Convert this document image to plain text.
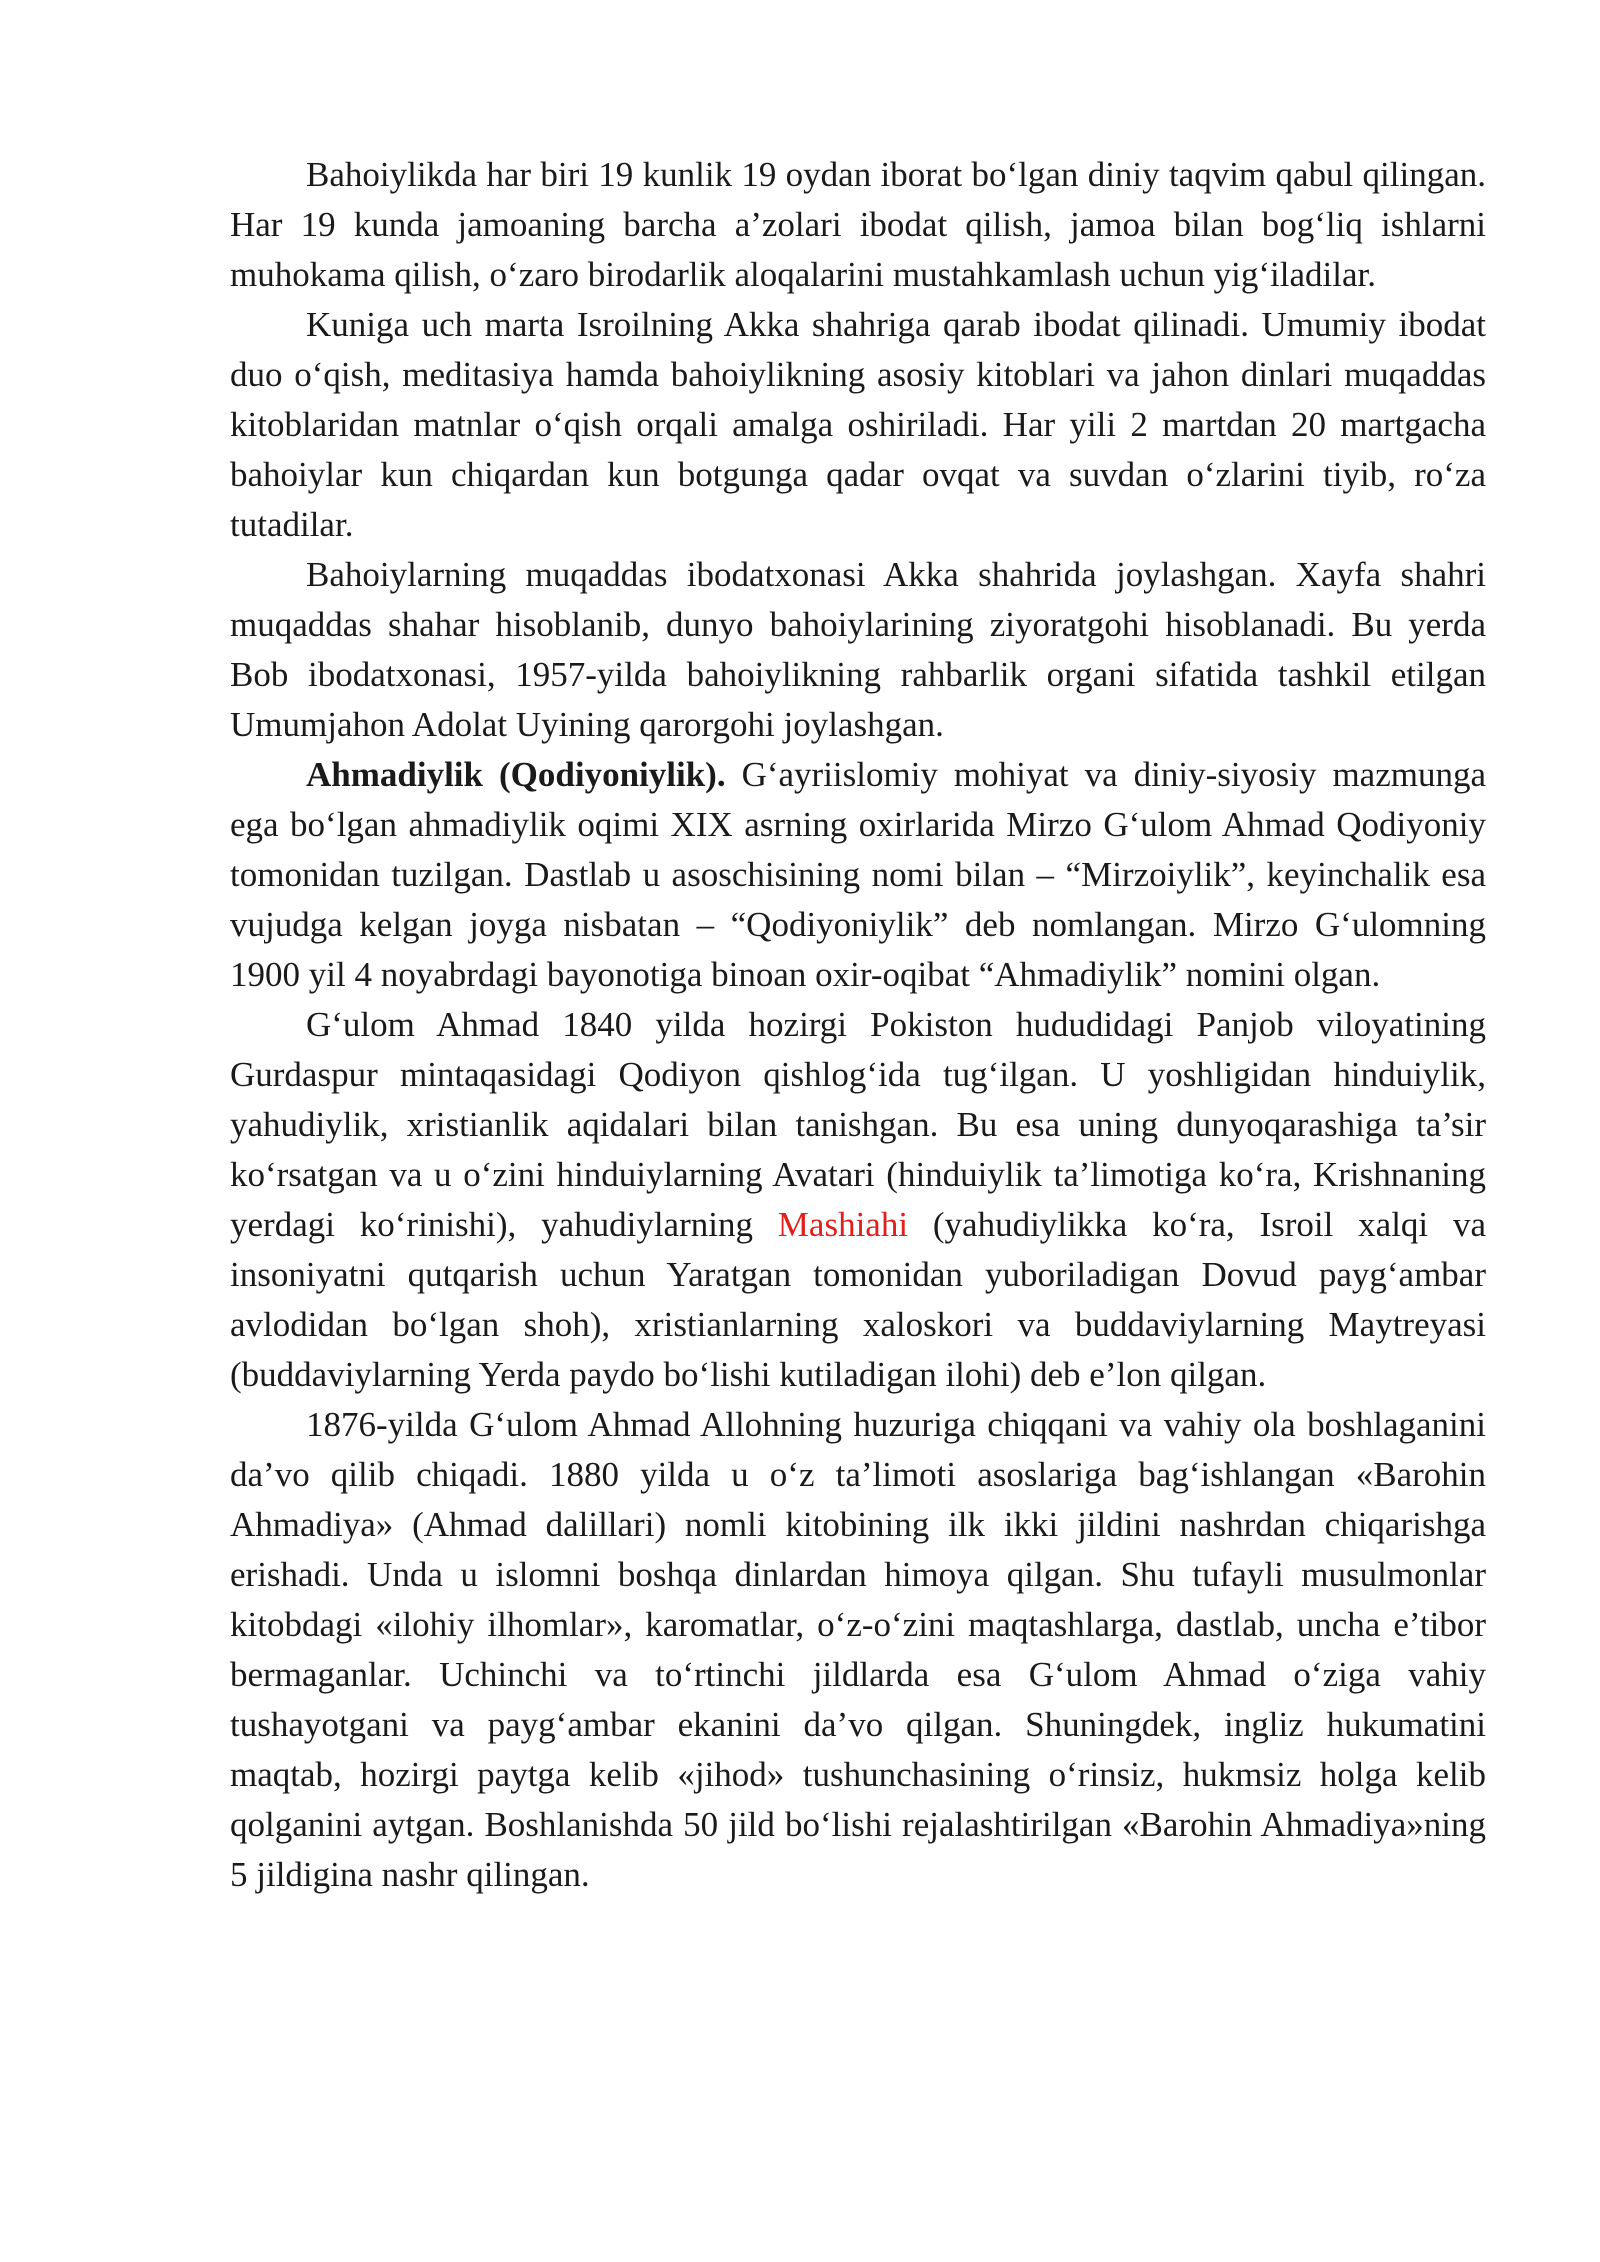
Bahoiylikda har biri 19 kunlik 19 oydan iborat bo‘lgan diniy taqvim qabul qilingan. Har 19 kunda jamoaning barcha a’zolari ibodat qilish, jamoa bilan bog‘liq ishlarni muhokama qilish, o‘zaro birodarlik aloqalarini mustahkamlash uchun yig‘iladilar.

Kuniga uch marta Isroilning Akka shahriga qarab ibodat qilinadi. Umumiy ibodat duo o‘qish, meditasiya hamda bahoiylikning asosiy kitoblari va jahon dinlari muqaddas kitoblaridan matnlar o‘qish orqali amalga oshiriladi. Har yili 2 martdan 20 martgacha bahoiylar kun chiqardan kun botgunga qadar ovqat va suvdan o‘zlarini tiyib, ro‘za tutadilar.

Bahoiylarning muqaddas ibodatxonasi Akka shahrida joylashgan. Xayfa shahri muqaddas shahar hisoblanib, dunyo bahoiylarining ziyoratgohi hisoblanadi. Bu yerda Bob ibodatxonasi, 1957-yilda bahoiylikning rahbarlik organi sifatida tashkil etilgan Umumjahon Adolat Uyining qarorgohi joylashgan.

Ahmadiylik (Qodiyoniylik). G‘ayriislomiy mohiyat va diniy-siyosiy mazmunga ega bo‘lgan ahmadiylik oqimi XIX asrning oxirlarida Mirzo G‘ulom Ahmad Qodiyoniy tomonidan tuzilgan. Dastlab u asoschisining nomi bilan – “Mirzoiylik”, keyinchalik esa vujudga kelgan joyga nisbatan – “Qodiyoniylik” deb nomlangan. Mirzo G‘ulomning 1900 yil 4 noyabrdagi bayonotiga binoan oxir-oqibat “Ahmadiylik” nomini olgan.

G‘ulom Ahmad 1840 yilda hozirgi Pokiston hududidagi Panjob viloyatining Gurdaspur mintaqasidagi Qodiyon qishlog‘ida tug‘ilgan. U yoshligidan hinduiylik, yahudiylik, xristianlik aqidalari bilan tanishgan. Bu esa uning dunyoqarashiga ta’sir ko‘rsatgan va u o‘zini hinduiylarning Avatari (hinduiylik ta’limotiga ko‘ra, Krishnaning yerdagi ko‘rinishi), yahudiylarning Mashiahi (yahudiylikka ko‘ra, Isroil xalqi va insoniyatni qutqarish uchun Yaratgan tomonidan yuboriladigan Dovud payg‘ambar avlodidan bo‘lgan shoh), xristianlarning xaloskori va buddaviylarning Maytreyasi (buddaviylarning Yerda paydo bo‘lishi kutiladigan ilohi) deb e’lon qilgan.

1876-yilda G‘ulom Ahmad Allohning huzuriga chiqqani va vahiy ola boshlaganini da’vo qilib chiqadi. 1880 yilda u o‘z ta’limoti asoslariga bag‘ishlangan «Barohin Ahmadiya» (Ahmad dalillari) nomli kitobining ilk ikki jildini nashrdan chiqarishga erishadi. Unda u islomni boshqa dinlardan himoya qilgan. Shu tufayli musulmonlar kitobdagi «ilohiy ilhomlar», karomatlar, o‘z-o‘zini maqtashlarga, dastlab, uncha e’tibor bermaganlar. Uchinchi va to‘rtinchi jildlarda esa G‘ulom Ahmad o‘ziga vahiy tushayotgani va payg‘ambar ekanini da’vo qilgan. Shuningdek, ingliz hukumatini maqtab, hozirgi paytga kelib «jihod» tushunchasining o‘rinsiz, hukmsiz holga kelib qolganini aytgan. Boshlanishda 50 jild bo‘lishi rejalashtirilgan «Barohin Ahmadiya»ning 5 jildigina nashr qilingan.
